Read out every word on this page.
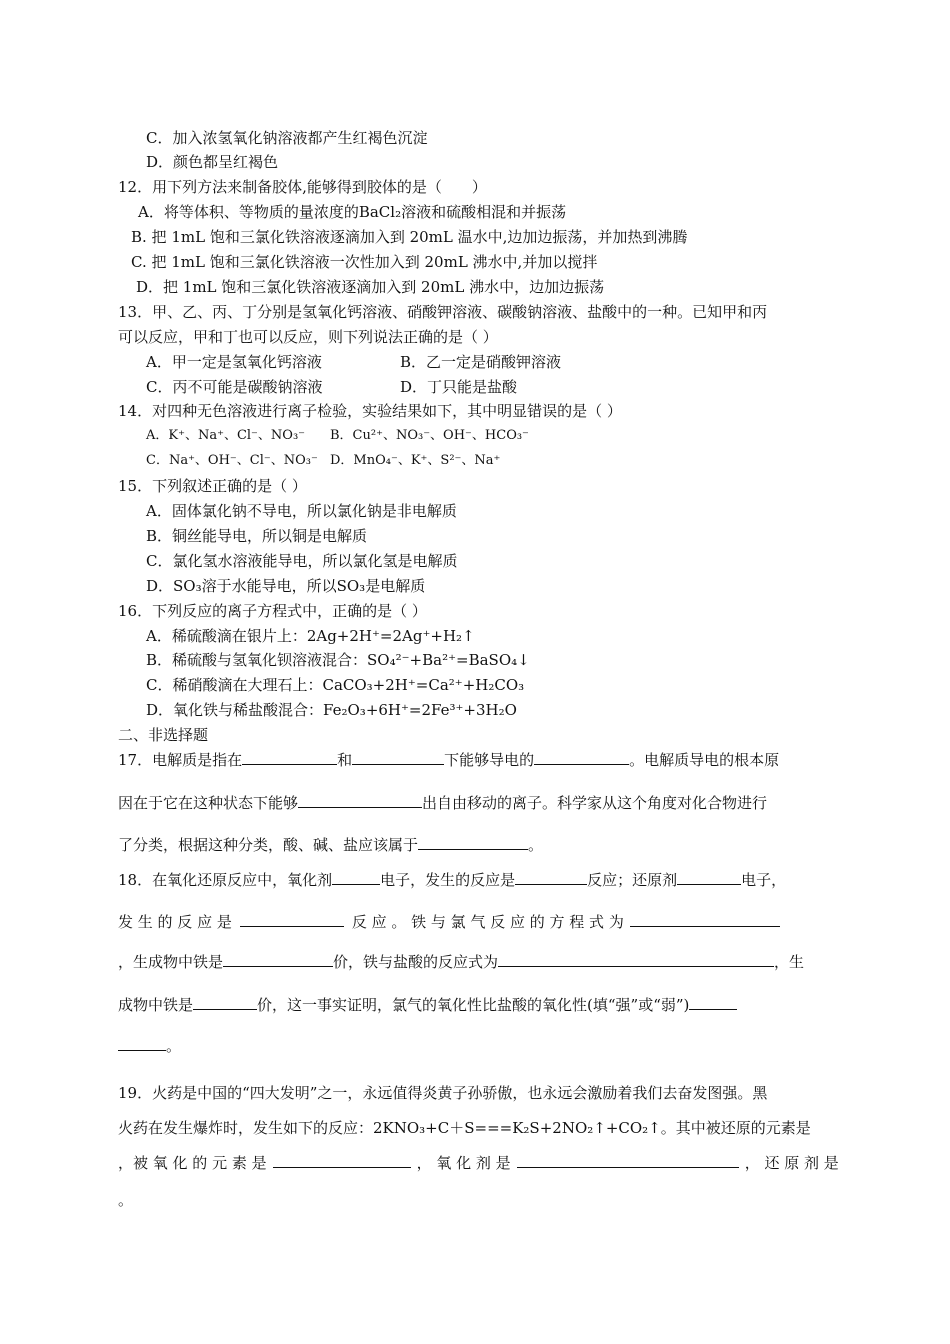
C．加入浓氢氧化钠溶液都产生红褐色沉淀
D．颜色都呈红褐色
12．用下列方法来制备胶体,能够得到胶体的是（　　）
A．将等体积、等物质的量浓度的BaCl₂溶液和硫酸相混和并振荡
B. 把 1mL 饱和三氯化铁溶液逐滴加入到 20mL 温水中,边加边振荡，并加热到沸腾
C. 把 1mL 饱和三氯化铁溶液一次性加入到 20mL 沸水中,并加以搅拌
D．把 1mL 饱和三氯化铁溶液逐滴加入到 20mL 沸水中，边加边振荡
13．甲、乙、丙、丁分别是氢氧化钙溶液、硝酸钾溶液、碳酸钠溶液、盐酸中的一种。已知甲和丙
可以反应，甲和丁也可以反应，则下列说法正确的是（ ）
A．甲一定是氢氧化钙溶液	B．乙一定是硝酸钾溶液
C．丙不可能是碳酸钠溶液	D．丁只能是盐酸
14．对四种无色溶液进行离子检验，实验结果如下，其中明显错误的是（ ）
A．K⁺、Na⁺、Cl⁻、NO₃⁻ B．Cu²⁺、NO₃⁻、OH⁻、HCO₃⁻
C．Na⁺、OH⁻、Cl⁻、NO₃⁻ D．MnO₄⁻、K⁺、S²⁻、Na⁺
15．下列叙述正确的是（ ）
A．固体氯化钠不导电，所以氯化钠是非电解质
B．铜丝能导电，所以铜是电解质
C．氯化氢水溶液能导电，所以氯化氢是电解质
D．SO₃溶于水能导电，所以SO₃是电解质
16．下列反应的离子方程式中，正确的是（ ）
A．稀硫酸滴在银片上：2Ag+2H⁺=2Ag⁺+H₂↑
B．稀硫酸与氢氧化钡溶液混合：SO₄²⁻+Ba²⁺=BaSO₄↓
C．稀硝酸滴在大理石上：CaCO₃+2H⁺=Ca²⁺+H₂CO₃
D．氧化铁与稀盐酸混合：Fe₂O₃+6H⁺=2Fe³⁺+3H₂O
二、非选择题
17．电解质是指在	和	下能够导电的	。电解质导电的根本原
因在于它在这种状态下能够	出自由移动的离子。科学家从这个角度对化合物进行
了分类，根据这种分类，酸、碱、盐应该属于	。
18．在氧化还原反应中，氧化剂	电子，发生的反应是	反应；还原剂	电子，
发 生 的 反 应 是	反 应 。 铁 与 氯 气 反 应 的 方 程 式 为
，生成物中铁是	价，铁与盐酸的反应式为	，生
成物中铁是	价，这一事实证明，氯气的氧化性比盐酸的氧化性(填“强”或“弱”)
。
19．火药是中国的“四大发明”之一，永远值得炎黄子孙骄傲，也永远会激励着我们去奋发图强。黑
火药在发生爆炸时，发生如下的反应：2KNO₃+C＋S===K₂S+2NO₂↑+CO₂↑。其中被还原的元素是
，被 氧 化 的 元 素 是	， 氧 化 剂 是	， 还 原 剂 是
。
